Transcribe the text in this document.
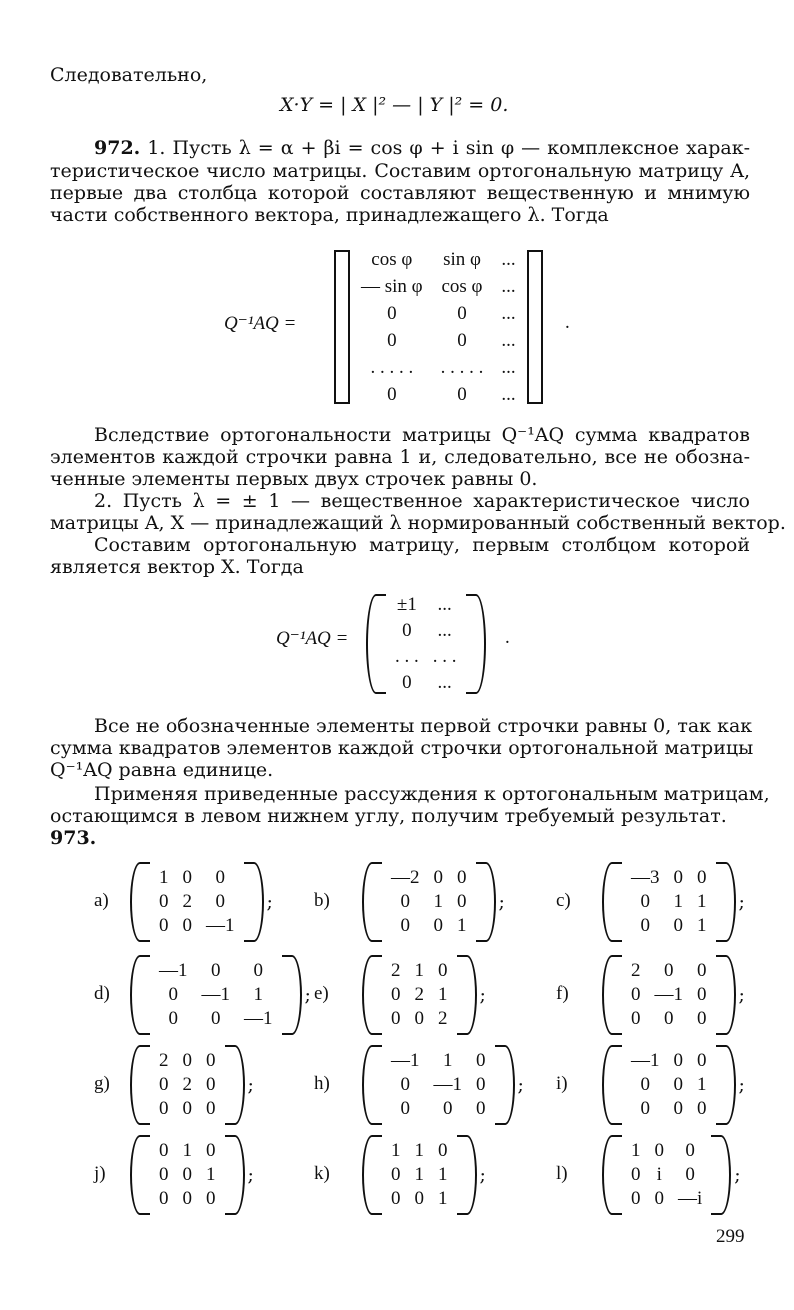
Следовательно,
X·Y = | X |² — | Y |² = 0.
972. 1. Пусть λ = α + βi = cos φ + i sin φ — комплексное харак-
теристическое число матрицы. Составим ортогональную матрицу A,
первые два столбца которой составляют вещественную и мнимую
части собственного вектора, принадлежащего λ. Тогда
Q⁻¹AQ =
cos φ	sin φ	...
— sin φ	cos φ	...
0	0	...
0	0	...
. . . . .	. . . . .	...
0	0	...
.
Вследствие ортогональности матрицы Q⁻¹AQ сумма квадратов
элементов каждой строчки равна 1 и, следовательно, все не обозна-
ченные элементы первых двух строчек равны 0.
2. Пусть λ = ± 1 — вещественное характеристическое число
матрицы A, X — принадлежащий λ нормированный собственный вектор.
Составим ортогональную матрицу, первым столбцом которой
является вектор X. Тогда
Q⁻¹AQ =
±1	...
0	...
. . .	. . .
0	...
.
Все не обозначенные элементы первой строчки равны 0, так как
сумма квадратов элементов каждой строчки ортогональной матрицы
Q⁻¹AQ равна единице.
Применяя приведенные рассуждения к ортогональным матрицам,
остающимся в левом нижнем углу, получим требуемый результат.
973.
a)
1	0	0
0	2	0
0	0	—1
; b)
—2	0	0
0	1	0
0	0	1
;	c)
—3	0	0
0	1	1
0	0	1
;
d)
—1	0	0
0	—1	1
0	0	—1
; e)
2	1	0
0	2	1
0	0	2
;	f)
2	0	0
0	—1	0
0	0	0
;
g)
2	0	0
0	2	0
0	0	0
;	h)
—1	1	0
0	—1	0
0	0	0
; i)
—1	0	0
0	0	1
0	0	0
;
j)
0	1	0
0	0	1
0	0	0
;	k)
1	1	0
0	1	1
0	0	1
;	l)
1	0	0
0	i	0
0	0	—i
;
299
